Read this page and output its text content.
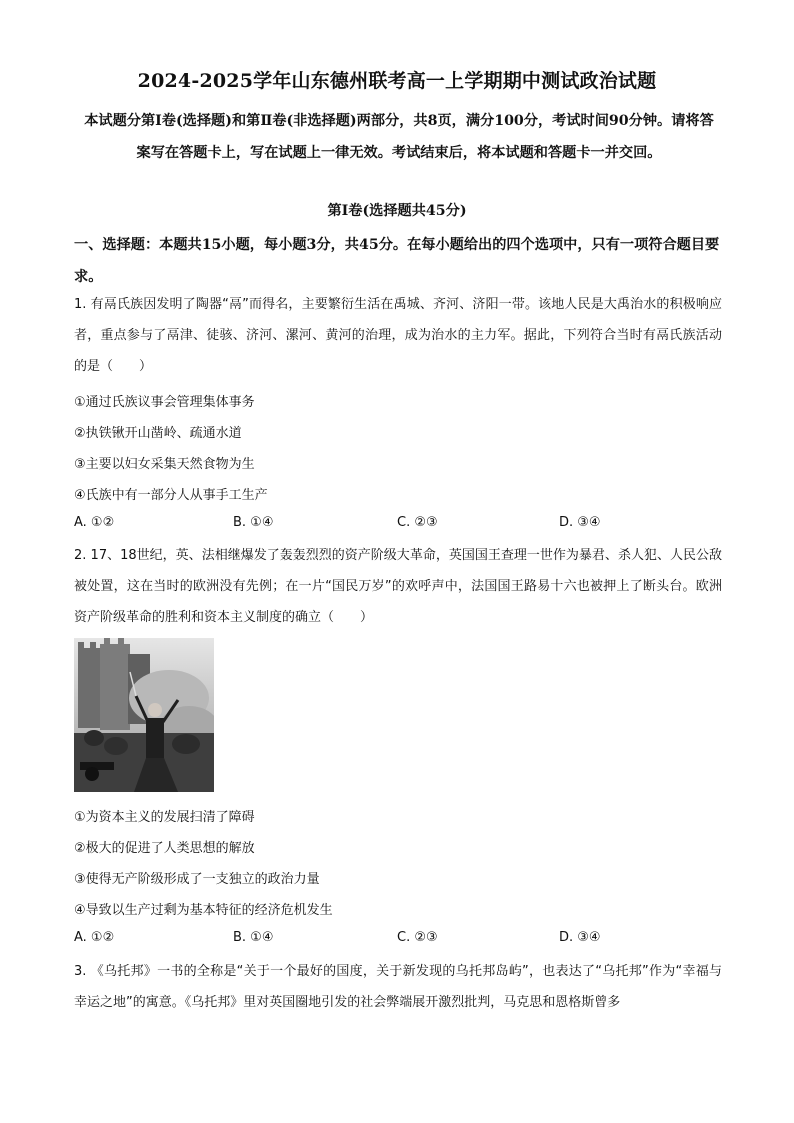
2024-2025学年山东德州联考高一上学期期中测试政治试题
本试题分第Ⅰ卷(选择题)和第Ⅱ卷(非选择题)两部分，共8页，满分100分，考试时间90分钟。请将答案写在答题卡上，写在试题上一律无效。考试结束后，将本试题和答题卡一并交回。
第Ⅰ卷(选择题共45分)
一、选择题：本题共15小题，每小题3分，共45分。在每小题给出的四个选项中，只有一项符合题目要求。
1. 有鬲氏族因发明了陶器“鬲”而得名，主要繁衍生活在禹城、齐河、济阳一带。该地人民是大禹治水的积极响应者，重点参与了鬲津、徒骇、济河、漯河、黄河的治理，成为治水的主力军。据此，下列符合当时有鬲氏族活动的是（　　）
①通过氏族议事会管理集体事务
②执铁锹开山凿岭、疏通水道
③主要以妇女采集天然食物为生
④氏族中有一部分人从事手工生产
A. ①②	B. ①④	C. ②③	D. ③④
2. 17、18世纪，英、法相继爆发了轰轰烈烈的资产阶级大革命，英国国王查理一世作为暴君、杀人犯、人民公敌被处置，这在当时的欧洲没有先例；在一片“国民万岁”的欢呼声中，法国国王路易十六也被押上了断头台。欧洲资产阶级革命的胜利和资本主义制度的确立（　　）
①为资本主义的发展扫清了障碍
②极大的促进了人类思想的解放
③使得无产阶级形成了一支独立的政治力量
④导致以生产过剩为基本特征的经济危机发生
A. ①②	B. ①④	C. ②③	D. ③④
3. 《乌托邦》一书的全称是“关于一个最好的国度，关于新发现的乌托邦岛屿”，也表达了“乌托邦”作为“幸福与幸运之地”的寓意。《乌托邦》里对英国圈地引发的社会弊端展开激烈批判，马克思和恩格斯曾多
